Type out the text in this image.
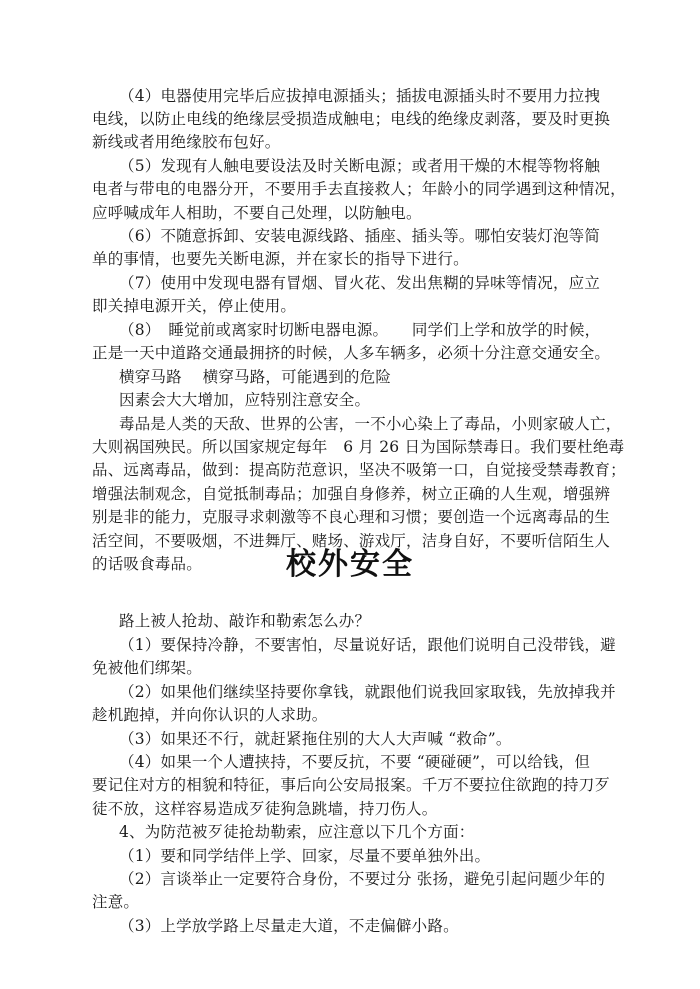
（4）电器使用完毕后应拔掉电源插头；插拔电源插头时不要用力拉拽
电线，以防止电线的绝缘层受损造成触电；电线的绝缘皮剥落，要及时更换
新线或者用绝缘胶布包好。
（5）发现有人触电要设法及时关断电源；或者用干燥的木棍等物将触
电者与带电的电器分开，不要用手去直接救人；年龄小的同学遇到这种情况，
应呼喊成年人相助，不要自己处理，以防触电。
（6）不随意拆卸、安装电源线路、插座、插头等。哪怕安装灯泡等简
单的事情，也要先关断电源，并在家长的指导下进行。
（7）使用中发现电器有冒烟、冒火花、发出焦糊的异味等情况，应立
即关掉电源开关，停止使用。
（8）　睡觉前或离家时切断电器电源。　　同学们上学和放学的时候，
正是一天中道路交通最拥挤的时候，人多车辆多，必须十分注意交通安全。
横穿马路　 横穿马路，可能遇到的危险
因素会大大增加，应特别注意安全。
毒品是人类的天敌、世界的公害，一不小心染上了毒品，小则家破人亡，
大则祸国殃民。所以国家规定每年　6 月 26 日为国际禁毒日。我们要杜绝毒
品、远离毒品，做到：提高防范意识，坚决不吸第一口，自觉接受禁毒教育；
增强法制观念，自觉抵制毒品；加强自身修养，树立正确的人生观，增强辨
别是非的能力，克服寻求刺激等不良心理和习惯；要创造一个远离毒品的生
活空间，不要吸烟，不进舞厅、赌场、游戏厅，洁身自好，不要听信陌生人
的话吸食毒品。	校外安全
路上被人抢劫、敲诈和勒索怎么办？
（1）要保持冷静，不要害怕，尽量说好话，跟他们说明自己没带钱，避
免被他们绑架。
（2）如果他们继续坚持要你拿钱，就跟他们说我回家取钱，先放掉我并
趁机跑掉，并向你认识的人求助。
（3）如果还不行，就赶紧拖住别的大人大声喊 “救命”。
（4）如果一个人遭挟持，不要反抗，不要 “硬碰硬”，可以给钱，但
要记住对方的相貌和特征，事后向公安局报案。千万不要拉住欲跑的持刀歹
徒不放，这样容易造成歹徒狗急跳墙，持刀伤人。
4、为防范被歹徒抢劫勒索，应注意以下几个方面：
（1）要和同学结伴上学、回家，尽量不要单独外出。
（2）言谈举止一定要符合身份，不要过分 张扬，避免引起问题少年的
注意。
（3）上学放学路上尽量走大道，不走偏僻小路。
